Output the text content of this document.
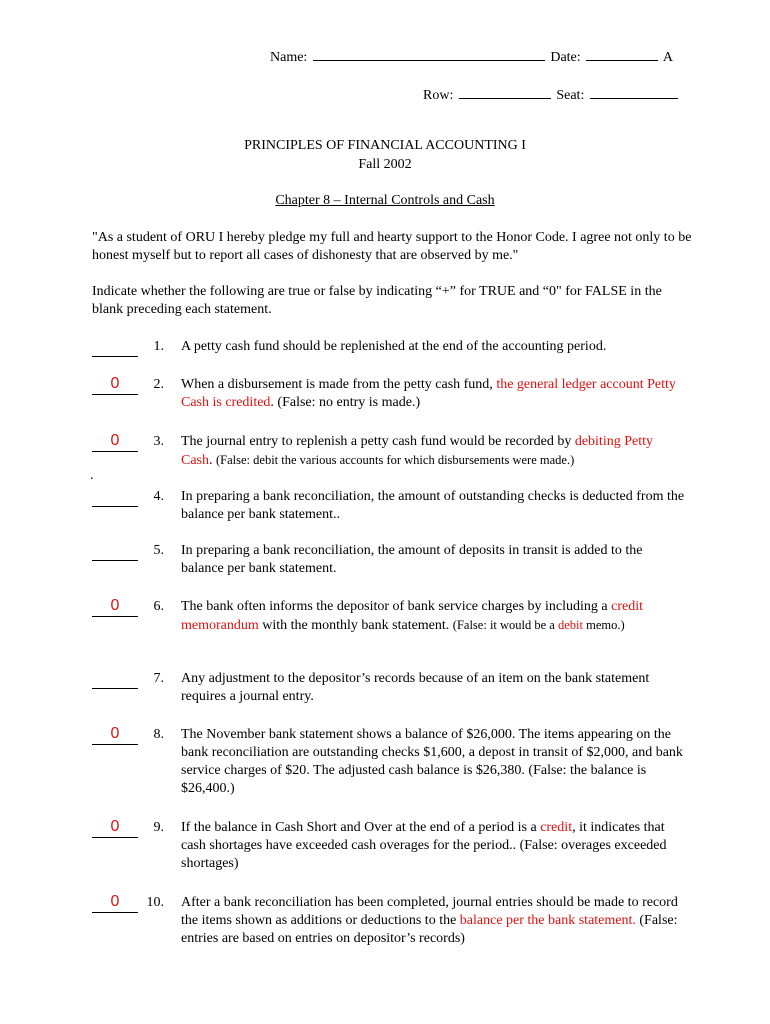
Name:	Date:	A
Row:	Seat:
PRINCIPLES OF FINANCIAL ACCOUNTING I
Fall 2002
Chapter 8 – Internal Controls and Cash
"As a student of ORU I hereby pledge my full and hearty support to the Honor Code. I agree not only to be honest myself but to report all cases of dishonesty that are observed by me."
Indicate whether the following are true or false by indicating “+” for TRUE and “0" for FALSE in the blank preceding each statement.
.
1. A petty cash fund should be replenished at the end of the accounting period.
0	2. When a disbursement is made from the petty cash fund, the general ledger account Petty Cash is credited. (False: no entry is made.)
0	3. The journal entry to replenish a petty cash fund would be recorded by debiting Petty Cash. (False: debit the various accounts for which disbursements were made.)
4. In preparing a bank reconciliation, the amount of outstanding checks is deducted from the balance per bank statement..
5. In preparing a bank reconciliation, the amount of deposits in transit is added to the balance per bank statement.
0	6. The bank often informs the depositor of bank service charges by including a credit memorandum with the monthly bank statement. (False: it would be a debit memo.)
7. Any adjustment to the depositor’s records because of an item on the bank statement requires a journal entry.
0	8. The November bank statement shows a balance of $26,000. The items appearing on the bank reconciliation are outstanding checks $1,600, a depost in transit of $2,000, and bank service charges of $20. The adjusted cash balance is $26,380. (False: the balance is $26,400.)
0	9. If the balance in Cash Short and Over at the end of a period is a credit, it indicates that cash shortages have exceeded cash overages for the period.. (False: overages exceeded shortages)
0	10. After a bank reconciliation has been completed, journal entries should be made to record the items shown as additions or deductions to the balance per the bank statement. (False: entries are based on entries on depositor’s records)
